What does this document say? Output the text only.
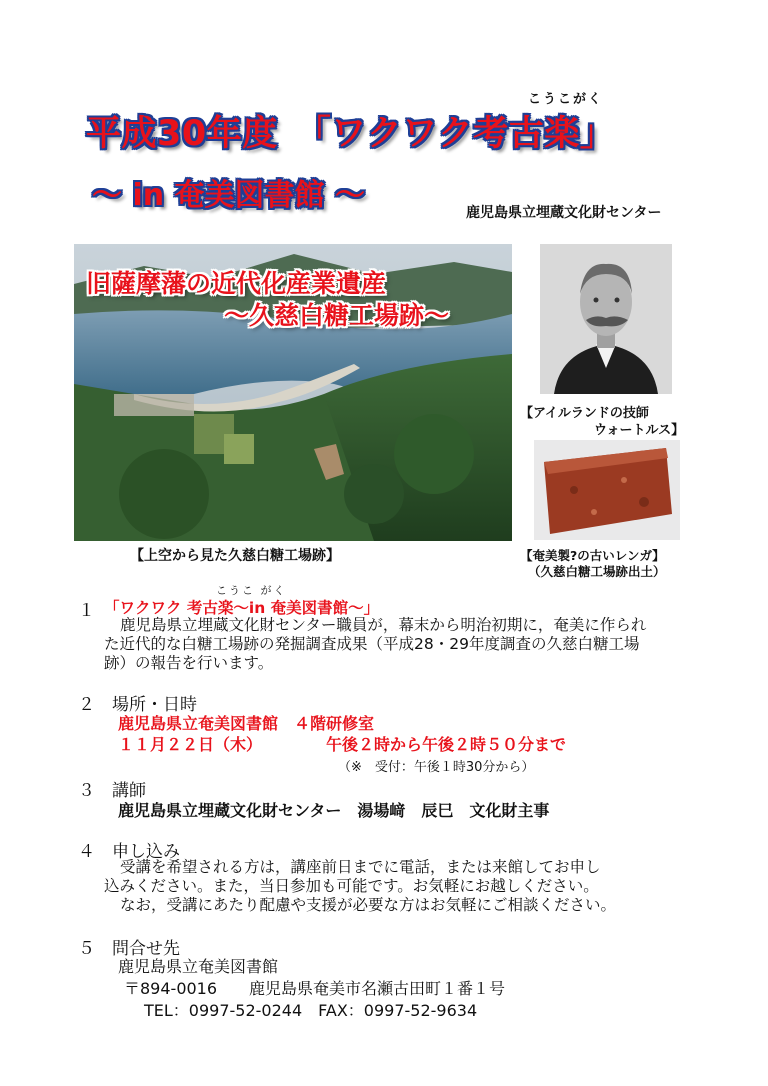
こうこがく
平成30年度　「ワクワク考古楽」
～ in 奄美図書館 ～	鹿児島県立埋蔵文化財センター
旧薩摩藩の近代化産業遺産
～久慈白糖工場跡～
【上空から見た久慈白糖工場跡】
【アイルランドの技師
ウォートルス】
【奄美製?の古いレンガ】
（久慈白糖工場跡出土）
１
こうこ がく
「ワクワク 考古楽～in 奄美図書館～」
鹿児島県立埋蔵文化財センター職員が，幕末から明治初期に，奄美に作られ
た近代的な白糖工場跡の発掘調査成果（平成28・29年度調査の久慈白糖工場
跡）の報告を行います。
２ 場所・日時
鹿児島県立奄美図書館　４階研修室
１１月２２日（木）	午後２時から午後２時５０分まで
（※　受付：午後１時30分から）
３ 講師
鹿児島県立埋蔵文化財センター　湯場﨑　辰巳　文化財主事
４ 申し込み
受講を希望される方は，講座前日までに電話，または来館してお申し
込みください。また，当日参加も可能です。お気軽にお越しください。
なお，受講にあたり配慮や支援が必要な方はお気軽にご相談ください。
５ 問合せ先
鹿児島県立奄美図書館
〒894-0016　　鹿児島県奄美市名瀬古田町１番１号
TEL：0997-52-0244　FAX：0997-52-9634
